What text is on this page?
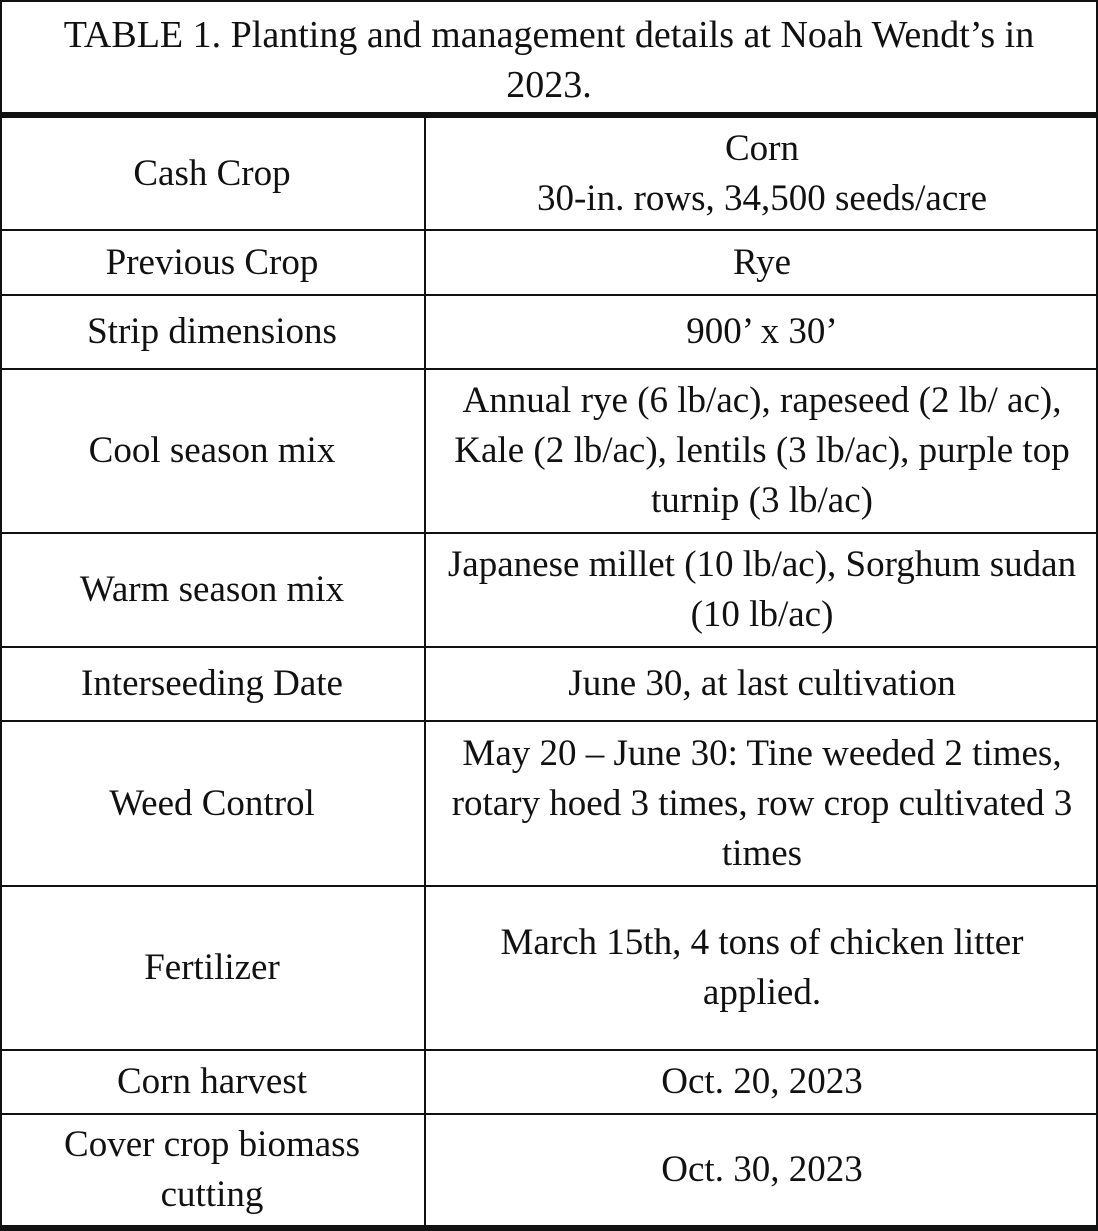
TABLE 1. Planting and management details at Noah Wendt’s in 2023.
Cash Crop	Corn
30-in. rows, 34,500 seeds/acre

Previous Crop	Rye
Strip dimensions	900’ x 30’
Cool season mix	Annual rye (6 lb/ac), rapeseed (2 lb/ ac), Kale (2 lb/ac), lentils (3 lb/ac), purple top turnip (3 lb/ac)
Warm season mix	Japanese millet (10 lb/ac), Sorghum sudan (10 lb/ac)
Interseeding Date	June 30, at last cultivation
Weed Control	May 20 – June 30: Tine weeded 2 times, rotary hoed 3 times, row crop cultivated 3 times
Fertilizer	March 15th, 4 tons of chicken litter applied.
Corn harvest	Oct. 20, 2023
Cover crop biomass cutting	Oct. 30, 2023
